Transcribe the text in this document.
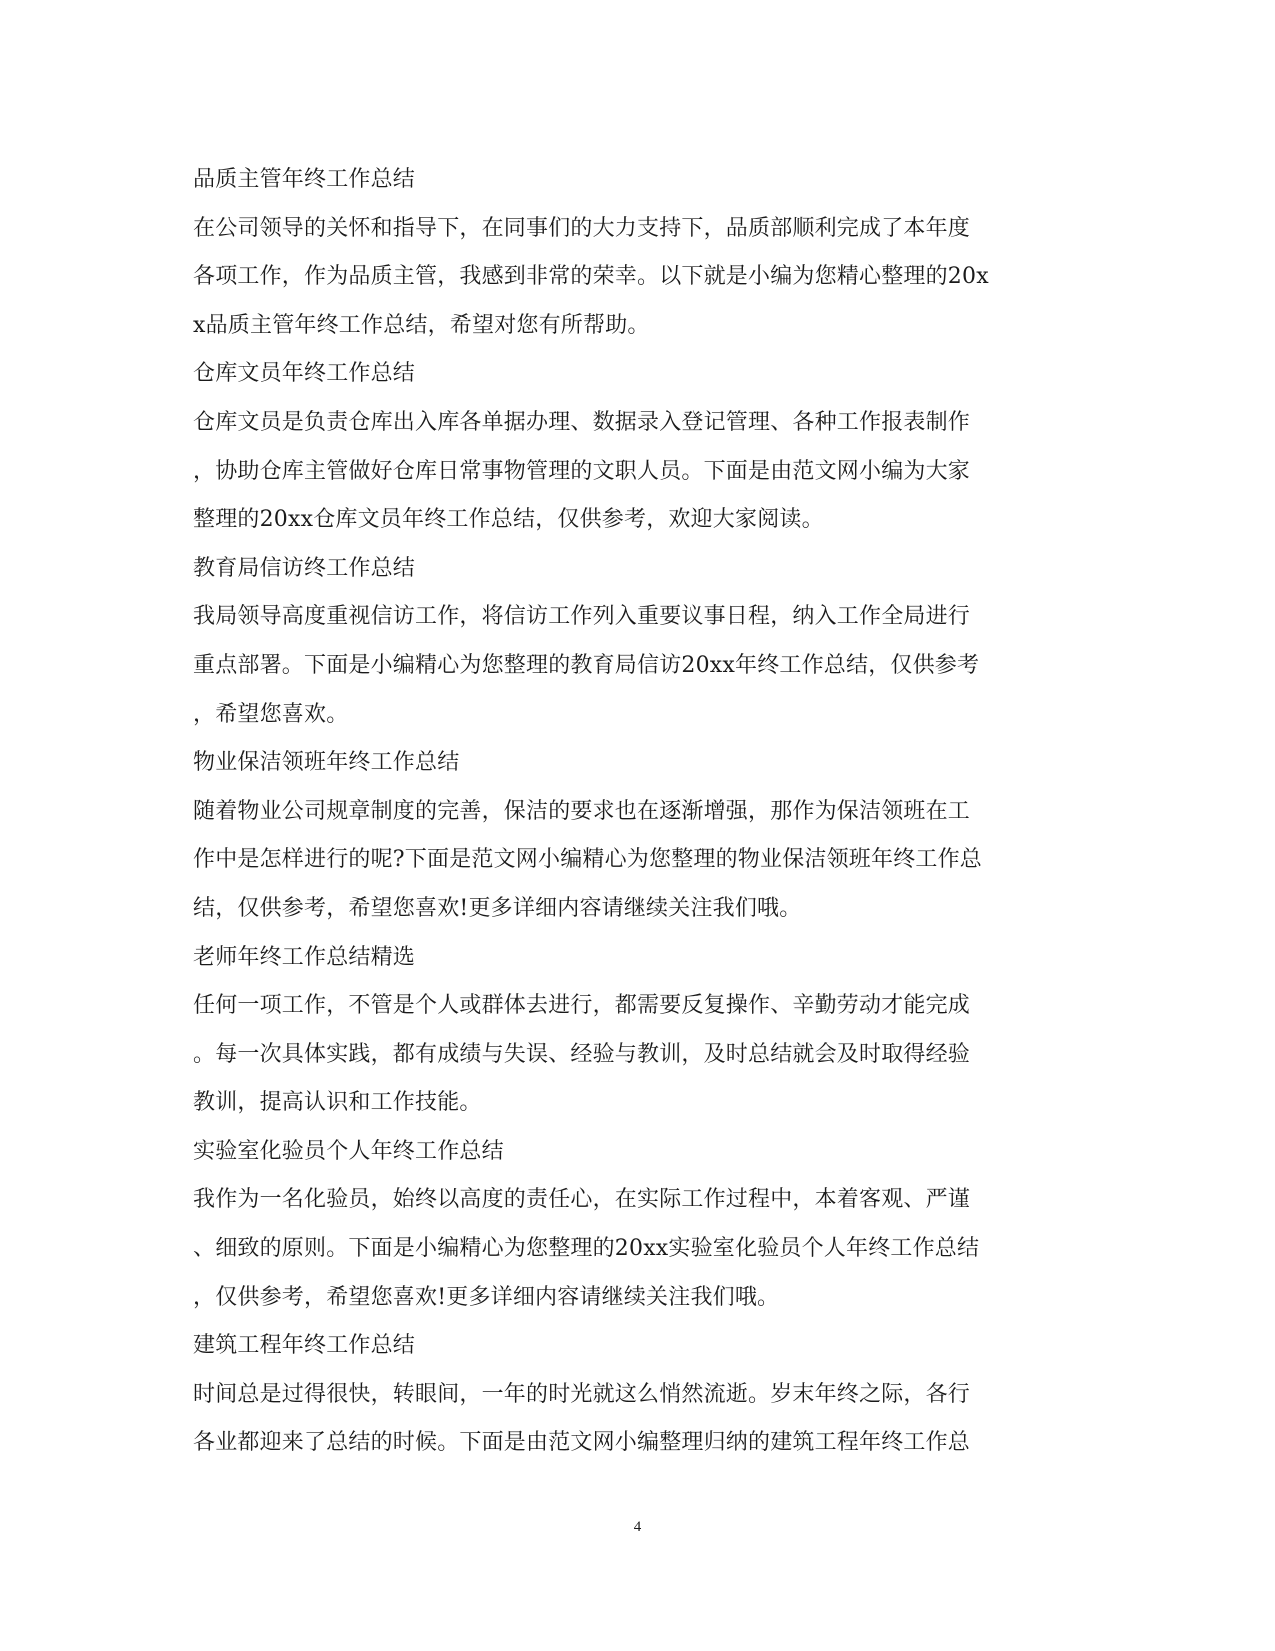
品质主管年终工作总结
在公司领导的关怀和指导下，在同事们的大力支持下，品质部顺利完成了本年度
各项工作，作为品质主管，我感到非常的荣幸。以下就是小编为您精心整理的20x
x品质主管年终工作总结，希望对您有所帮助。
仓库文员年终工作总结
仓库文员是负责仓库出入库各单据办理、数据录入登记管理、各种工作报表制作
，协助仓库主管做好仓库日常事物管理的文职人员。下面是由范文网小编为大家
整理的20xx仓库文员年终工作总结，仅供参考，欢迎大家阅读。
教育局信访终工作总结
我局领导高度重视信访工作，将信访工作列入重要议事日程，纳入工作全局进行
重点部署。下面是小编精心为您整理的教育局信访20xx年终工作总结，仅供参考
，希望您喜欢。
物业保洁领班年终工作总结
随着物业公司规章制度的完善，保洁的要求也在逐渐增强，那作为保洁领班在工
作中是怎样进行的呢?下面是范文网小编精心为您整理的物业保洁领班年终工作总
结，仅供参考，希望您喜欢!更多详细内容请继续关注我们哦。
老师年终工作总结精选
任何一项工作，不管是个人或群体去进行，都需要反复操作、辛勤劳动才能完成
。每一次具体实践，都有成绩与失误、经验与教训，及时总结就会及时取得经验
教训，提高认识和工作技能。
实验室化验员个人年终工作总结
我作为一名化验员，始终以高度的责任心，在实际工作过程中，本着客观、严谨
、细致的原则。下面是小编精心为您整理的20xx实验室化验员个人年终工作总结
，仅供参考，希望您喜欢!更多详细内容请继续关注我们哦。
建筑工程年终工作总结
时间总是过得很快，转眼间，一年的时光就这么悄然流逝。岁末年终之际，各行
各业都迎来了总结的时候。下面是由范文网小编整理归纳的建筑工程年终工作总
4
